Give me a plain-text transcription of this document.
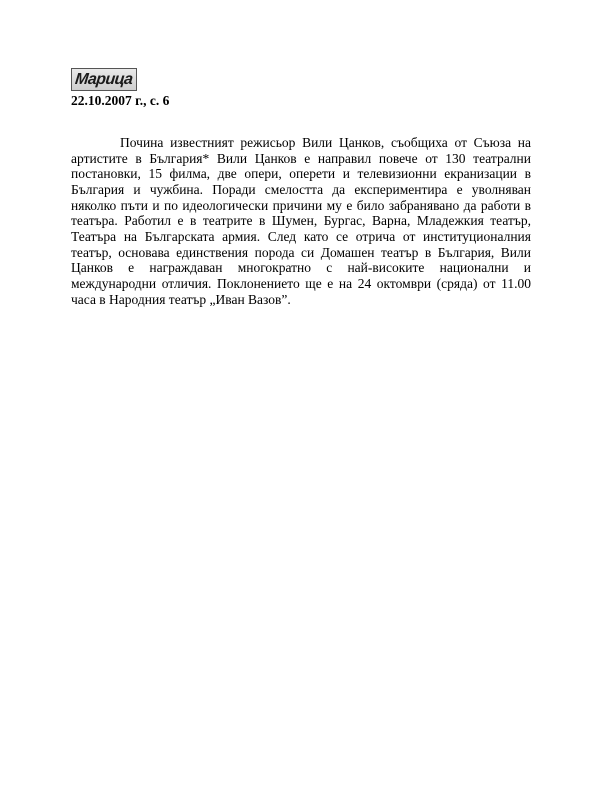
Марица
22.10.2007 г., с. 6

Почина известният режисьор Вили Цанков, съобщиха от Съюза на артистите в България* Вили Цанков е направил повече от 130 театрални постановки, 15 филма, две опери, оперети и телевизионни екранизации в България и чужбина. Поради смелостта да експериментира е уволняван няколко пъти и по идеологически причини му е било забранявано да работи в театъра. Работил е в театрите в Шумен, Бургас, Варна, Младежкия театър, Театъра на Българската армия. След като се отрича от институционалния театър, основава единствения порода си Домашен театър в България, Вили Цанков е награждаван многократно с най-високите национални и международни отличия. Поклонението ще е на 24 октомври (сряда) от 11.00 часа в Народния театър „Иван Вазов”.
